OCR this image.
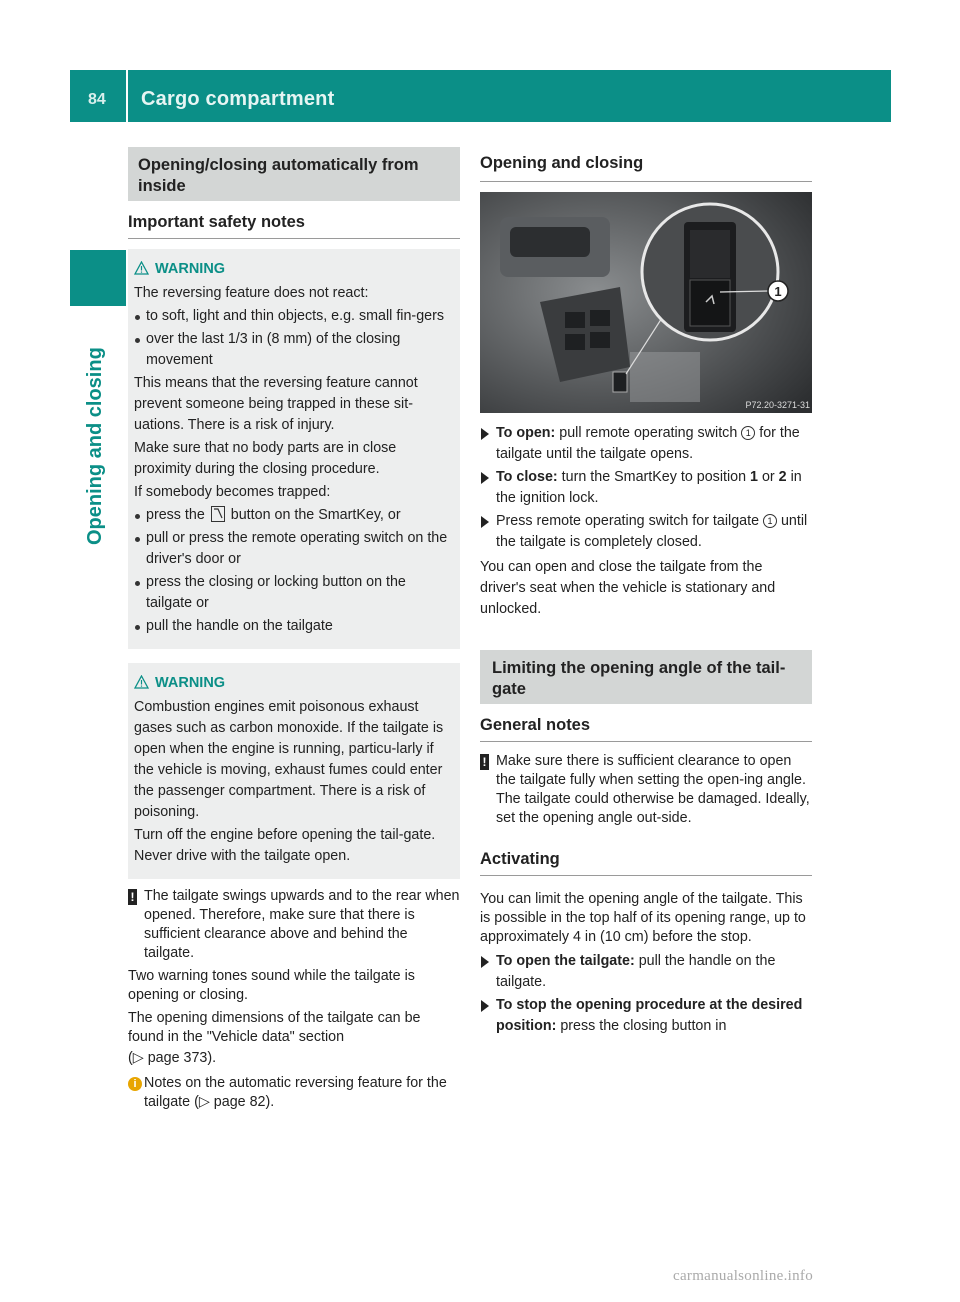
84 Cargo compartment
Opening and closing
Opening/closing automatically from inside
Important safety notes
WARNING

The reversing feature does not react:

to soft, light and thin objects, e.g. small fin-gers

over the last 1/3 in (8 mm) of the closing movement

This means that the reversing feature cannot prevent someone being trapped in these sit-uations. There is a risk of injury.

Make sure that no body parts are in close proximity during the closing procedure.

If somebody becomes trapped:

press the button on the SmartKey, or

pull or press the remote operating switch on the driver's door or

press the closing or locking button on the tailgate or

pull the handle on the tailgate

WARNING

Combustion engines emit poisonous exhaust gases such as carbon monoxide. If the tailgate is open when the engine is running, particu-larly if the vehicle is moving, exhaust fumes could enter the passenger compartment. There is a risk of poisoning.

Turn off the engine before opening the tail-gate. Never drive with the tailgate open.

! The tailgate swings upwards and to the rear when opened. Therefore, make sure that there is sufficient clearance above and behind the tailgate.

Two warning tones sound while the tailgate is opening or closing.

The opening dimensions of the tailgate can be found in the "Vehicle data" section

(▷ page 373).

i Notes on the automatic reversing feature for the tailgate (▷ page 82).
Opening and closing
1
P72.20-3271-31
To open: pull remote operating switch 1 for the tailgate until the tailgate opens.
To close: turn the SmartKey to position 1 or 2 in the ignition lock.
Press remote operating switch for tailgate 1 until the tailgate is completely closed.

You can open and close the tailgate from the driver's seat when the vehicle is stationary and unlocked.

Limiting the opening angle of the tail-gate
General notes
! Make sure there is sufficient clearance to open the tailgate fully when setting the open-ing angle. The tailgate could otherwise be damaged. Ideally, set the opening angle out-side.
Activating

You can limit the opening angle of the tailgate. This is possible in the top half of its opening range, up to approximately 4 in (10 cm) before the stop.

To open the tailgate: pull the handle on the tailgate.
To stop the opening procedure at the desired position: press the closing button in
carmanualsonline.info
